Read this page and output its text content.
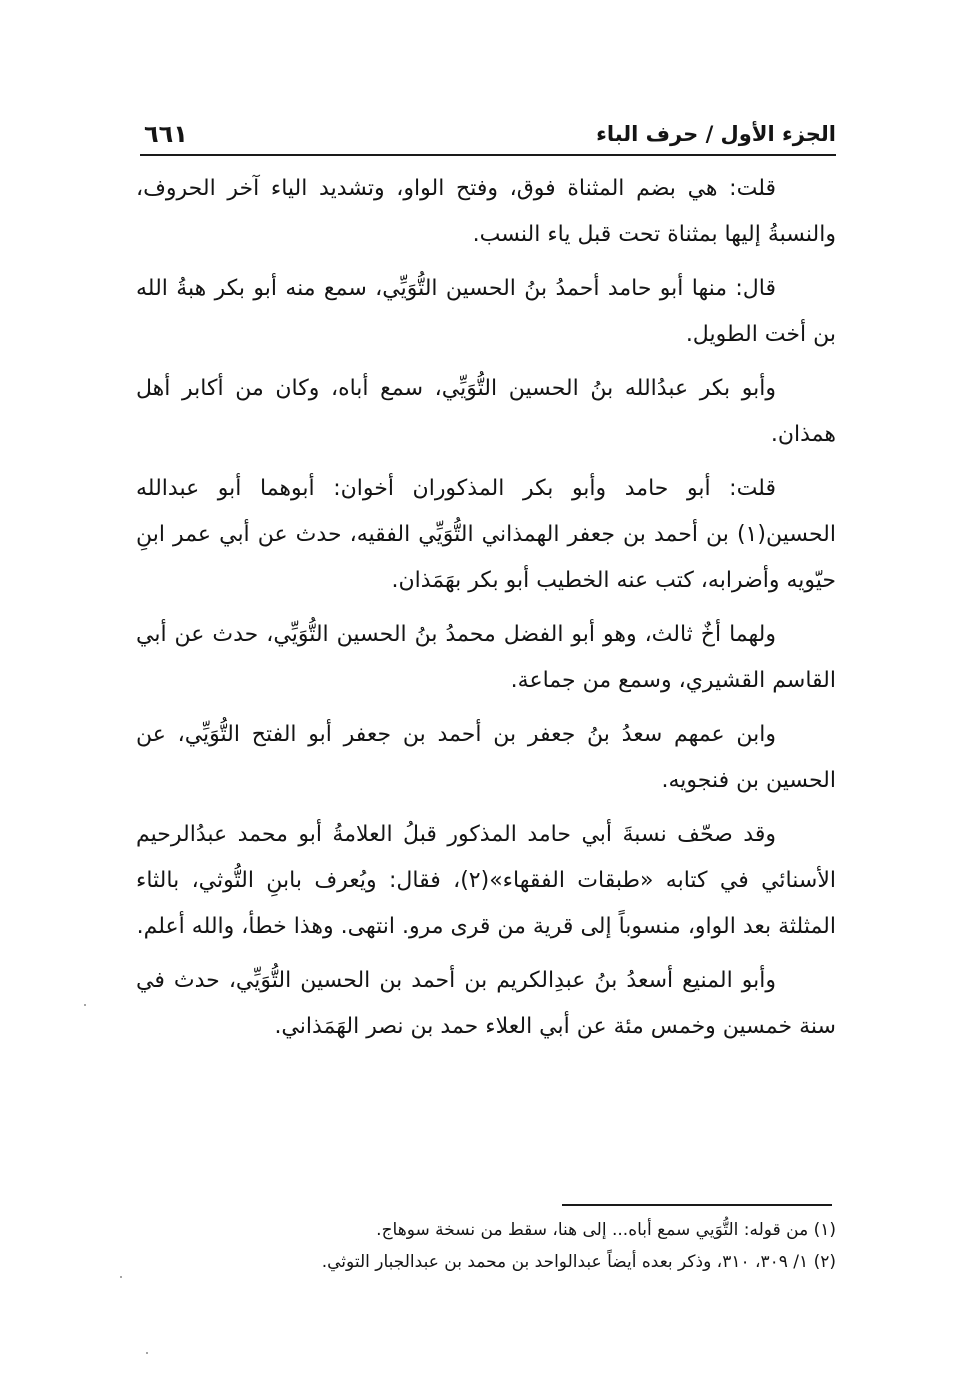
الجزء الأول / حرف الباء
٦٦١

قلت: هي بضم المثناة فوق، وفتح الواو، وتشديد الياء آخر الحروف، والنسبةُ إليها بمثناة تحت قبل ياء النسب.

قال: منها أبو حامد أحمدُ بنُ الحسين التُّوَيِّي، سمع منه أبو بكر هبةُ الله بن أخت الطويل.

وأبو بكر عبدُالله بنُ الحسين التُّوَيِّي، سمع أباه، وكان من أكابر أهل همذان.

قلت: أبو حامد وأبو بكر المذكوران أخوان: أبوهما أبو عبدالله الحسين(١) بن أحمد بن جعفر الهمذاني التُّوَيِّي الفقيه، حدث عن أبي عمر ابنِ حيّويه وأضرابه، كتب عنه الخطيب أبو بكر بهَمَذان.

ولهما أخٌ ثالث، وهو أبو الفضل محمدُ بنُ الحسين التُّوَيِّي، حدث عن أبي القاسم القشيري، وسمع من جماعة.

وابن عمهم سعدُ بنُ جعفر بن أحمد بن جعفر أبو الفتح التُّوَيِّي، عن الحسين بن فنجويه.

وقد صحّف نسبةَ أبي حامد المذكور قبلُ العلامةُ أبو محمد عبدُالرحيم الأسنائي في كتابه «طبقات الفقهاء»(٢)، فقال: ويُعرف بابنِ التُّوثي، بالثاء المثلثة بعد الواو، منسوباً إلى قرية من قرى مرو. انتهى. وهذا خطأ، والله أعلم.

وأبو المنيع أسعدُ بنُ عبدِالكريم بن أحمد بن الحسين التُّوَيِّي، حدث في سنة خمسين وخمس مئة عن أبي العلاء حمد بن نصر الهَمَذاني.

(١) من قوله: التُّوَيي سمع أباه... إلى هنا، سقط من نسخة سوهاج.
(٢) ١/ ٣٠٩، ٣١٠، وذكر بعده أيضاً عبدالواحد بن محمد بن عبدالجبار التوثي.
